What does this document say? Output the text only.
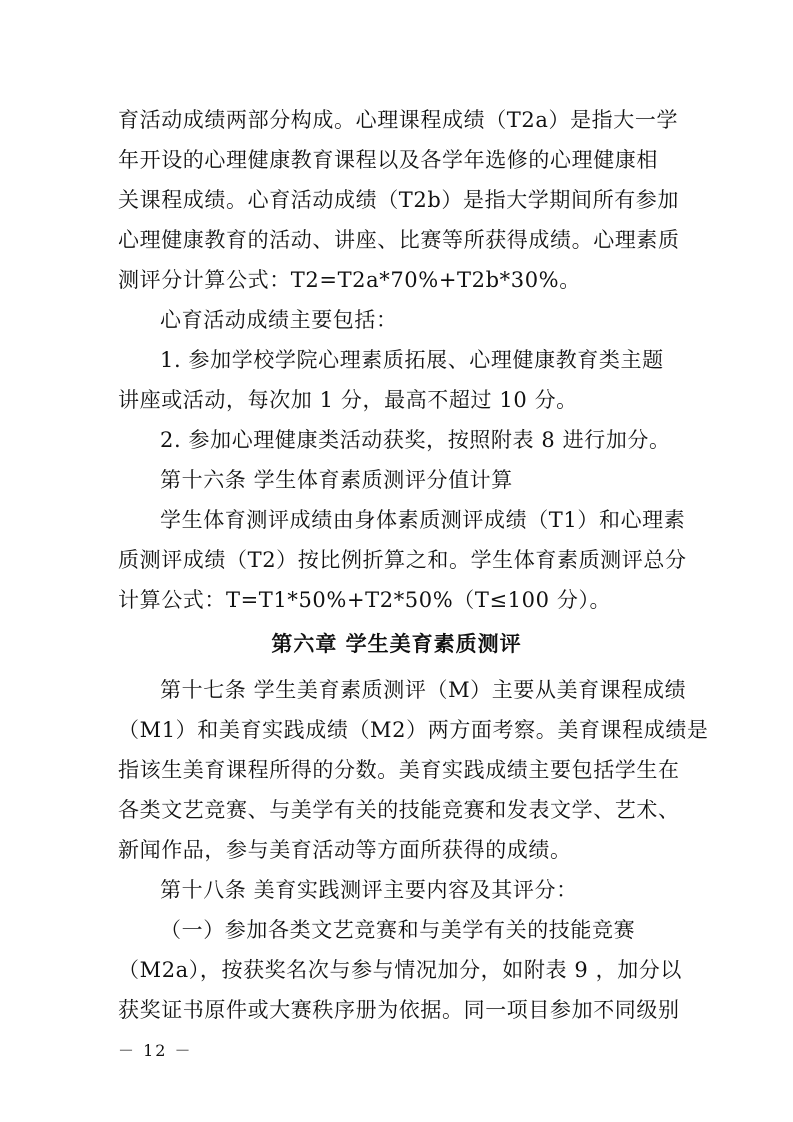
育活动成绩两部分构成。心理课程成绩（T2a）是指大一学
年开设的心理健康教育课程以及各学年选修的心理健康相
关课程成绩。心育活动成绩（T2b）是指大学期间所有参加
心理健康教育的活动、讲座、比赛等所获得成绩。心理素质
测评分计算公式：T2=T2a*70%+T2b*30%。
心育活动成绩主要包括：
1. 参加学校学院心理素质拓展、心理健康教育类主题
讲座或活动，每次加 1 分，最高不超过 10 分。
2. 参加心理健康类活动获奖，按照附表 8 进行加分。
第十六条 学生体育素质测评分值计算
学生体育测评成绩由身体素质测评成绩（T1）和心理素
质测评成绩（T2）按比例折算之和。学生体育素质测评总分
计算公式：T=T1*50%+T2*50%（T≤100 分）。
第六章 学生美育素质测评
第十七条 学生美育素质测评（M）主要从美育课程成绩
（M1）和美育实践成绩（M2）两方面考察。美育课程成绩是
指该生美育课程所得的分数。美育实践成绩主要包括学生在
各类文艺竞赛、与美学有关的技能竞赛和发表文学、艺术、
新闻作品，参与美育活动等方面所获得的成绩。
第十八条 美育实践测评主要内容及其评分：
（一）参加各类文艺竞赛和与美学有关的技能竞赛
（M2a），按获奖名次与参与情况加分，如附表 9 ，加分以
获奖证书原件或大赛秩序册为依据。同一项目参加不同级别
－ 12 －
